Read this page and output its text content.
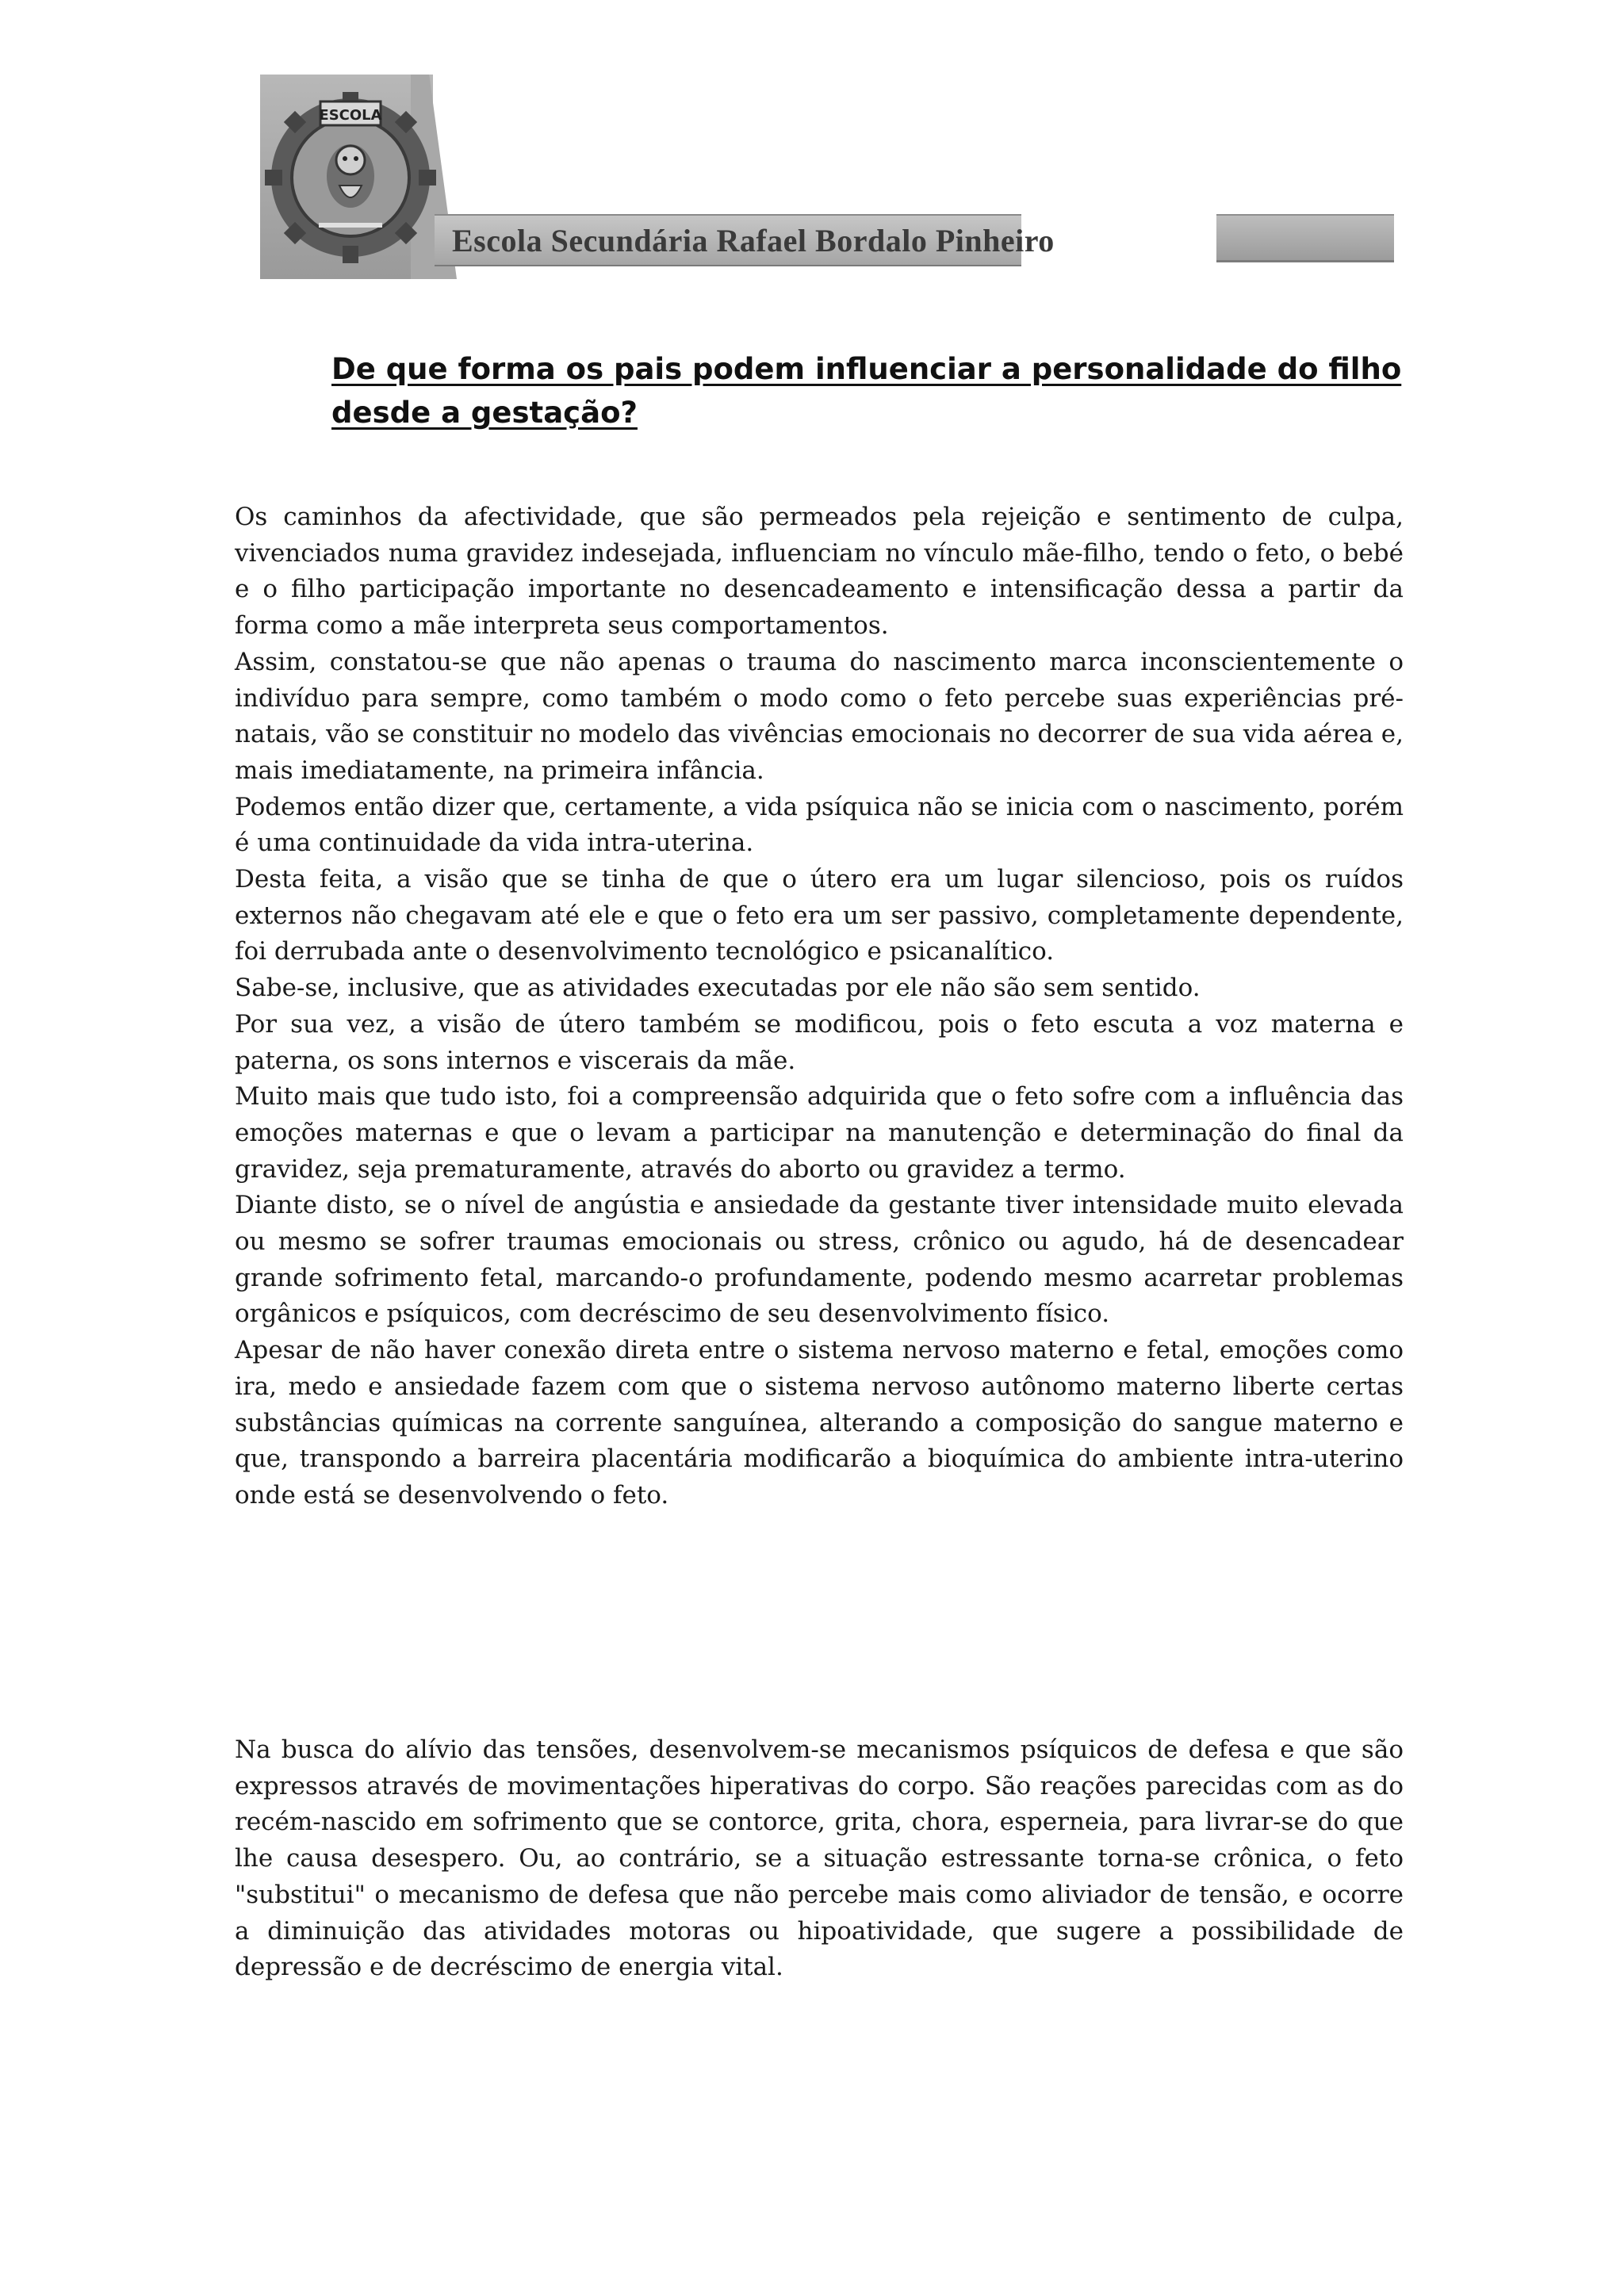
ESCOLA
Escola Secundária Rafael Bordalo Pinheiro
De que forma os pais podem influenciar a personalidade do filho
desde a gestação?

Os caminhos da afectividade, que são permeados pela rejeição e sentimento de culpa, vivenciados numa gravidez indesejada, influenciam no vínculo mãe-filho, tendo o feto, o bebé e o filho participação importante no desencadeamento e intensificação dessa a partir da forma como a mãe interpreta seus comportamentos.

Assim, constatou-se que não apenas o trauma do nascimento marca inconscientemente o indivíduo para sempre, como também o modo como o feto percebe suas experiências pré-natais, vão se constituir no modelo das vivências emocionais no decorrer de sua vida aérea e, mais imediatamente, na primeira infância.

Podemos então dizer que, certamente, a vida psíquica não se inicia com o nascimento, porém é uma continuidade da vida intra-uterina.

Desta feita, a visão que se tinha de que o útero era um lugar silencioso, pois os ruídos externos não chegavam até ele e que o feto era um ser passivo, completamente dependente, foi derrubada ante o desenvolvimento tecnológico e psicanalítico.

Sabe-se, inclusive, que as atividades executadas por ele não são sem sentido.

Por sua vez, a visão de útero também se modificou, pois o feto escuta a voz materna e paterna, os sons internos e viscerais da mãe.

Muito mais que tudo isto, foi a compreensão adquirida que o feto sofre com a influência das emoções maternas e que o levam a participar na manutenção e determinação do final da gravidez, seja prematuramente, através do aborto ou gravidez a termo.

Diante disto, se o nível de angústia e ansiedade da gestante tiver intensidade muito elevada ou mesmo se sofrer traumas emocionais ou stress, crônico ou agudo, há de desencadear grande sofrimento fetal, marcando-o profundamente, podendo mesmo acarretar problemas orgânicos e psíquicos, com decréscimo de seu desenvolvimento físico.

Apesar de não haver conexão direta entre o sistema nervoso materno e fetal, emoções como ira, medo e ansiedade fazem com que o sistema nervoso autônomo materno liberte certas substâncias químicas na corrente sanguínea, alterando a composição do sangue materno e que, transpondo a barreira placentária modificarão a bioquímica do ambiente intra-uterino onde está se desenvolvendo o feto.

Na busca do alívio das tensões, desenvolvem-se mecanismos psíquicos de defesa e que são expressos através de movimentações hiperativas do corpo. São reações parecidas com as do recém-nascido em sofrimento que se contorce, grita, chora, esperneia, para livrar-se do que lhe causa desespero. Ou, ao contrário, se a situação estressante torna-se crônica, o feto "substitui" o mecanismo de defesa que não percebe mais como aliviador de tensão, e ocorre a diminuição das atividades motoras ou hipoatividade, que sugere a possibilidade de depressão e de decréscimo de energia vital.
